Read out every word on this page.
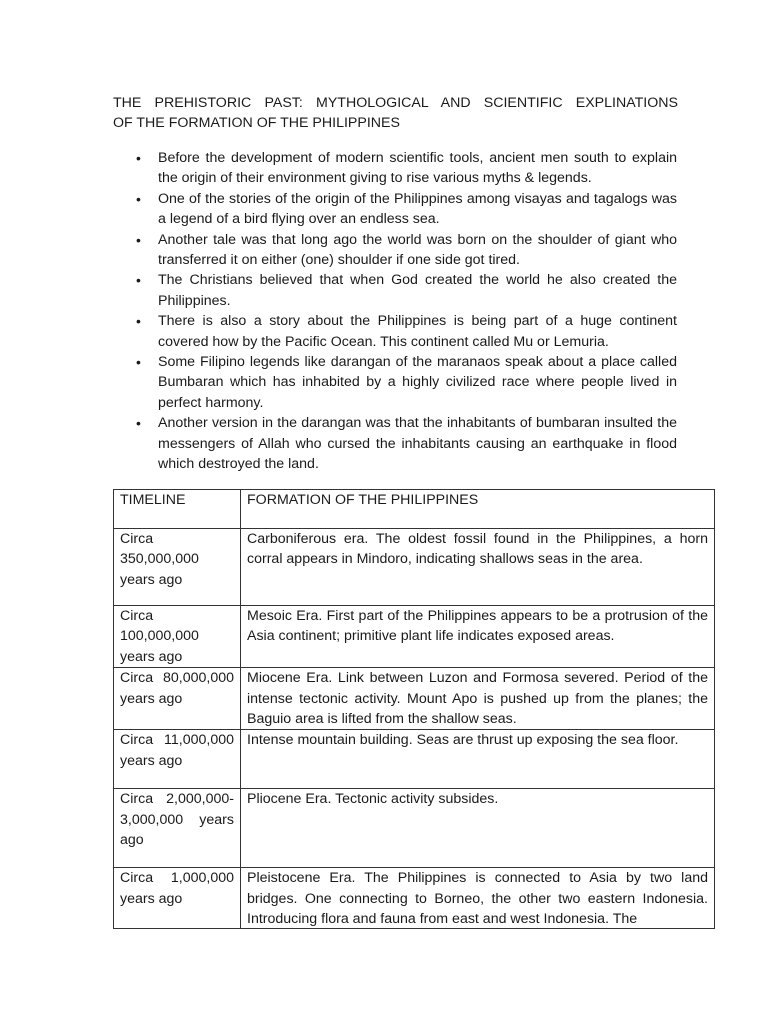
THE PREHISTORIC PAST: MYTHOLOGICAL AND SCIENTIFIC EXPLINATIONS
OF THE FORMATION OF THE PHILIPPINES
• Before the development of modern scientific tools, ancient men south to explain the origin of their environment giving to rise various myths & legends.
• One of the stories of the origin of the Philippines among visayas and tagalogs was a legend of a bird flying over an endless sea.
• Another tale was that long ago the world was born on the shoulder of giant who transferred it on either (one) shoulder if one side got tired.
• The Christians believed that when God created the world he also created the Philippines.
• There is also a story about the Philippines is being part of a huge continent covered how by the Pacific Ocean. This continent called Mu or Lemuria.
• Some Filipino legends like darangan of the maranaos speak about a place called Bumbaran which has inhabited by a highly civilized race where people lived in perfect harmony.
• Another version in the darangan was that the inhabitants of bumbaran insulted the messengers of Allah who cursed the inhabitants causing an earthquake in flood which destroyed the land.
TIMELINE	FORMATION OF THE PHILIPPINES
Circa 350,000,000 years ago	Carboniferous era. The oldest fossil found in the Philippines, a horn corral appears in Mindoro, indicating shallows seas in the area.
Circa 100,000,000 years ago	Mesoic Era. First part of the Philippines appears to be a protrusion of the Asia continent; primitive plant life indicates exposed areas.
Circa 80,000,000 years ago	Miocene Era. Link between Luzon and Formosa severed. Period of the intense tectonic activity. Mount Apo is pushed up from the planes; the Baguio area is lifted from the shallow seas.
Circa 11,000,000 years ago	Intense mountain building. Seas are thrust up exposing the sea floor.
Circa 2,000,000-3,000,000 years ago	Pliocene Era. Tectonic activity subsides.
Circa 1,000,000 years ago	Pleistocene Era. The Philippines is connected to Asia by two land bridges. One connecting to Borneo, the other two eastern Indonesia. Introducing flora and fauna from east and west Indonesia. The
